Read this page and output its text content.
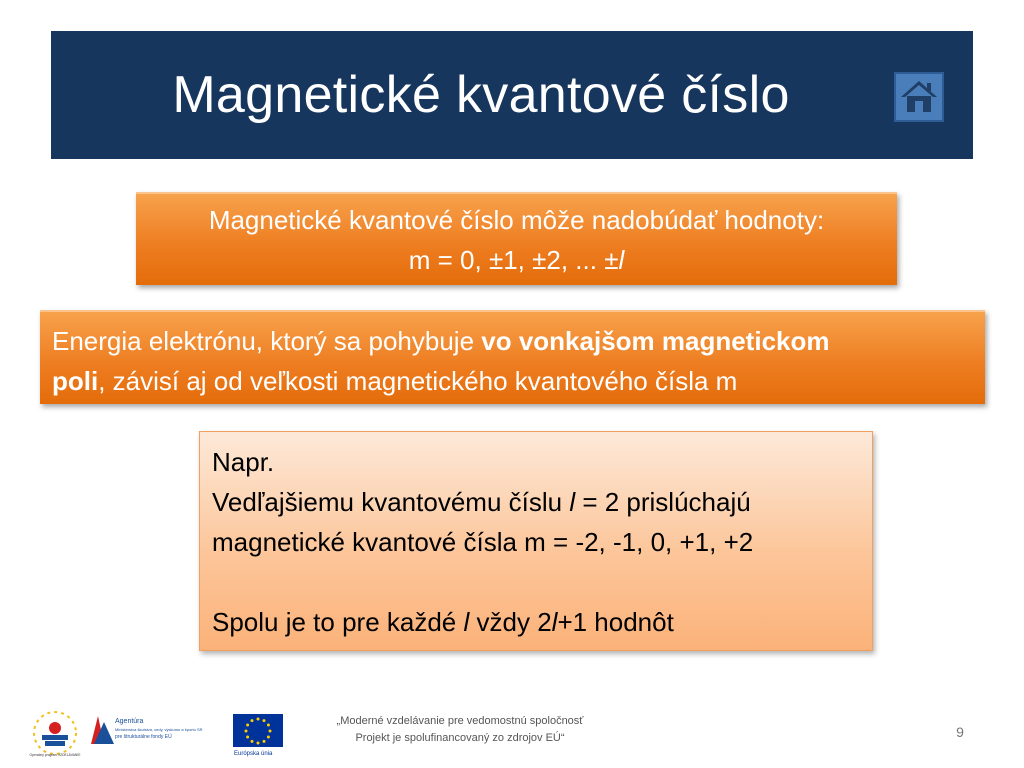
Magnetické kvantové číslo
Magnetické kvantové číslo môže nadobúdať hodnoty:
m = 0, ±1, ±2, ... ±l
Energia elektrónu, ktorý sa pohybuje vo vonkajšom magnetickom
poli, závisí aj od veľkosti magnetického kvantového čísla m
Napr.
Vedľajšiemu kvantovému číslu l = 2 prislúchajú
magnetické kvantové čísla m = -2, -1, 0, +1, +2
Spolu je to pre každé l vždy 2l+1 hodnôt
Operačný program VZDELÁVANIE
Agentúra
Ministerstva školstva, vedy, výskumu a športu SR
pre štrukturálne fondy EÚ
Európska únia
„Moderné vzdelávanie pre vedomostnú spoločnosť
Projekt je spolufinancovaný zo zdrojov EÚ“	9
